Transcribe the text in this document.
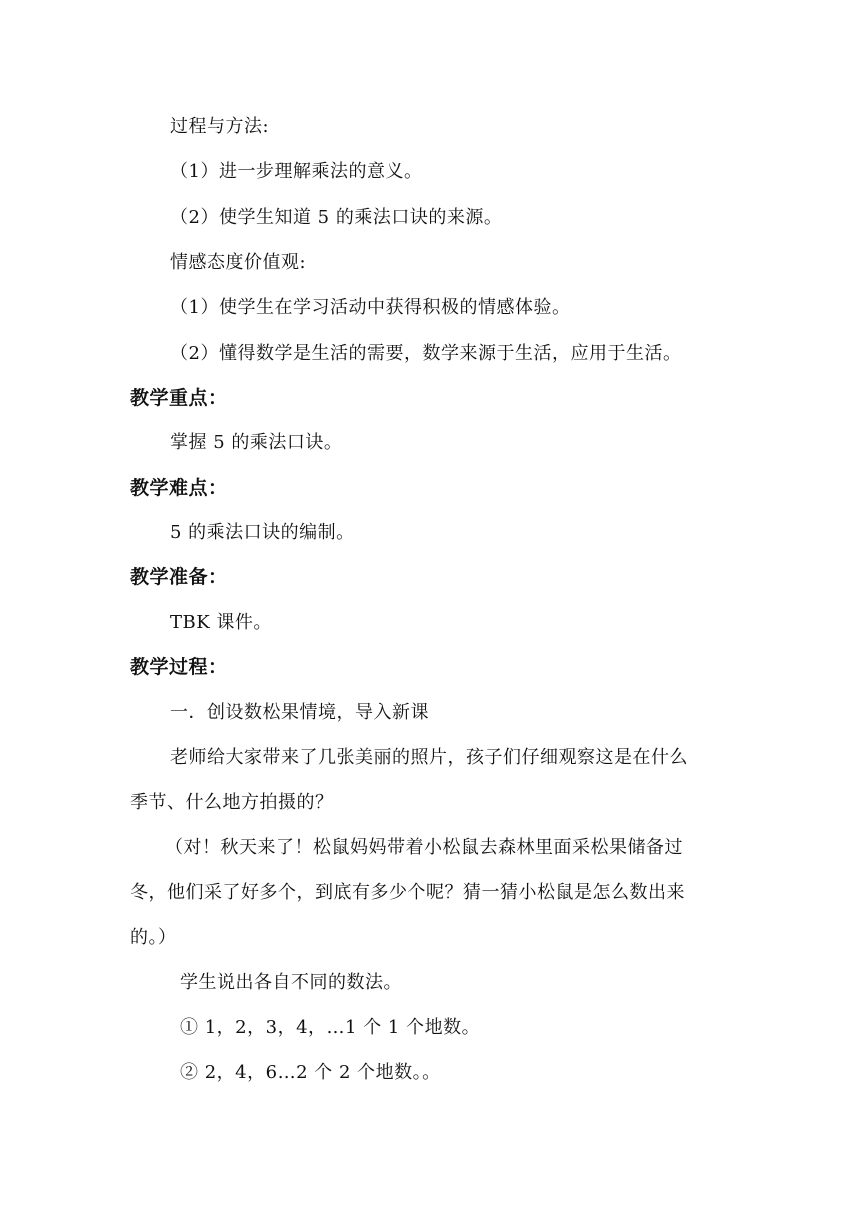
过程与方法:
（1）进一步理解乘法的意义。
（2）使学生知道 5 的乘法口诀的来源。
情感态度价值观:
（1）使学生在学习活动中获得积极的情感体验。
（2）懂得数学是生活的需要，数学来源于生活，应用于生活。
教学重点：
掌握 5 的乘法口诀。
教学难点：
5 的乘法口诀的编制。
教学准备：
TBK 课件。
教学过程：
一．创设数松果情境，导入新课
老师给大家带来了几张美丽的照片，孩子们仔细观察这是在什么
季节、什么地方拍摄的？
（对！秋天来了！松鼠妈妈带着小松鼠去森林里面采松果储备过
冬，他们采了好多个，到底有多少个呢？猜一猜小松鼠是怎么数出来
的。）
学生说出各自不同的数法。
① 1，2，3，4，…1 个 1 个地数。
② 2，4，6…2 个 2 个地数。。
